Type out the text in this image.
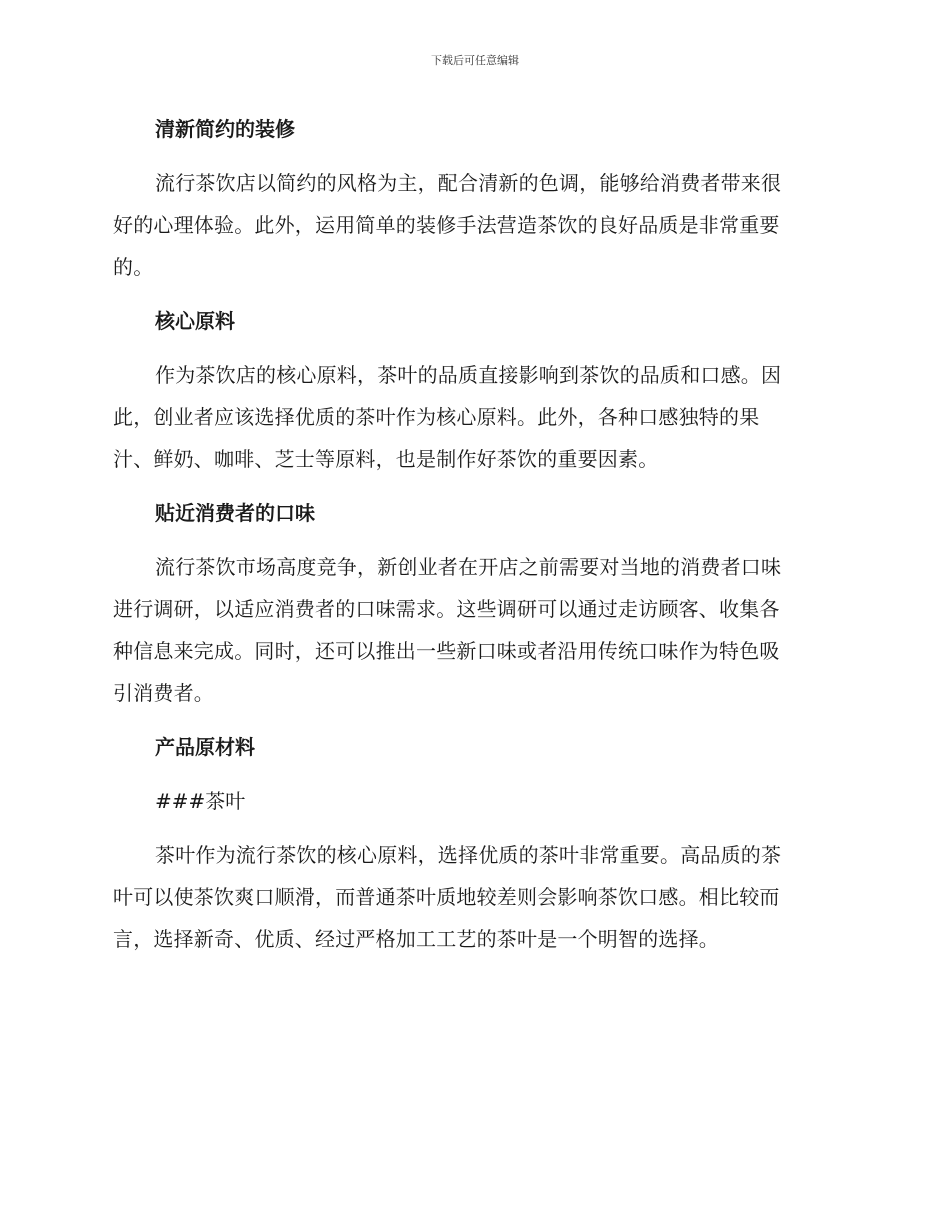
下载后可任意编辑
清新简约的装修
流行茶饮店以简约的风格为主，配合清新的色调，能够给消费者带来很
好的心理体验。此外，运用简单的装修手法营造茶饮的良好品质是非常重要
的。
核心原料
作为茶饮店的核心原料，茶叶的品质直接影响到茶饮的品质和口感。因
此，创业者应该选择优质的茶叶作为核心原料。此外，各种口感独特的果
汁、鲜奶、咖啡、芝士等原料，也是制作好茶饮的重要因素。
贴近消费者的口味
流行茶饮市场高度竞争，新创业者在开店之前需要对当地的消费者口味
进行调研，以适应消费者的口味需求。这些调研可以通过走访顾客、收集各
种信息来完成。同时，还可以推出一些新口味或者沿用传统口味作为特色吸
引消费者。
产品原材料
###茶叶
茶叶作为流行茶饮的核心原料，选择优质的茶叶非常重要。高品质的茶
叶可以使茶饮爽口顺滑，而普通茶叶质地较差则会影响茶饮口感。相比较而
言，选择新奇、优质、经过严格加工工艺的茶叶是一个明智的选择。
